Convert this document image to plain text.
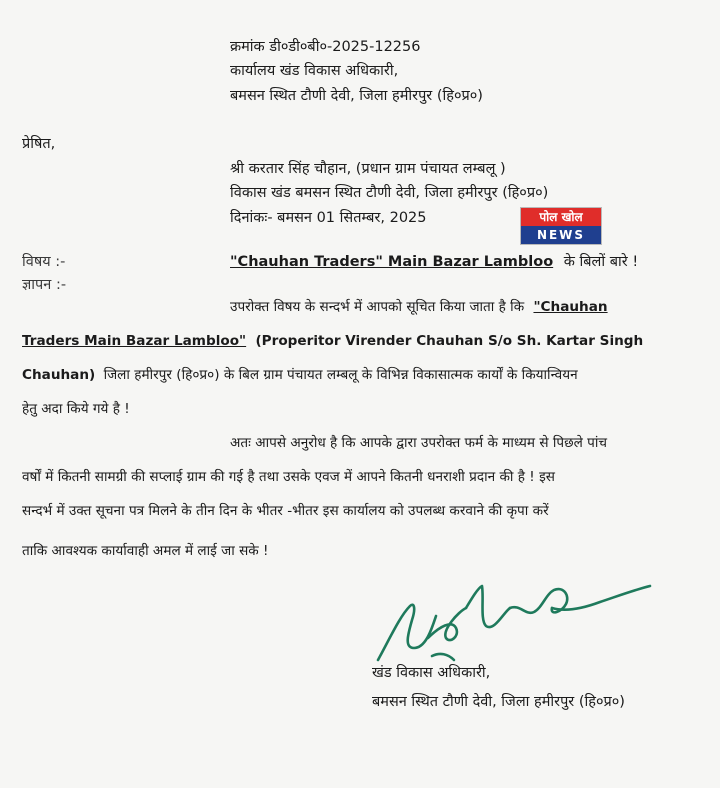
क्रमांक डी०डी०बी०-2025-12256
कार्यालय खंड विकास अधिकारी,
बमसन स्थित टौणी देवी, जिला हमीरपुर (हि०प्र०)
प्रेषित,
श्री करतार सिंह चौहान, (प्रधान ग्राम पंचायत लम्बलू )
विकास खंड बमसन स्थित टौणी देवी, जिला हमीरपुर (हि०प्र०)
दिनांकः- बमसन 01 सितम्बर, 2025	पोल खोल
NEWS
विषय :-	"Chauhan Traders" Main Bazar Lambloo के बिलों बारे !
ज्ञापन :-
उपरोक्त विषय के सन्दर्भ में आपको सूचित किया जाता है कि "Chauhan
Traders Main Bazar Lambloo" (Properitor Virender Chauhan S/o Sh. Kartar Singh
Chauhan) जिला हमीरपुर (हि०प्र०) के बिल ग्राम पंचायत लम्बलू के विभिन्न विकासात्मक कार्यों के कियान्वियन
हेतु अदा किये गये है !
अतः आपसे अनुरोध है कि आपके द्वारा उपरोक्त फर्म के माध्यम से पिछले पांच
वर्षों में कितनी सामग्री की सप्लाई ग्राम की गई है तथा उसके एवज में आपने कितनी धनराशी प्रदान की है ! इस
सन्दर्भ में उक्त सूचना पत्र मिलने के तीन दिन के भीतर -भीतर इस कार्यालय को उपलब्ध करवाने की कृपा करें
ताकि आवश्यक कार्यावाही अमल में लाई जा सके !
खंड विकास अधिकारी,
बमसन स्थित टौणी देवी, जिला हमीरपुर (हि०प्र०)
